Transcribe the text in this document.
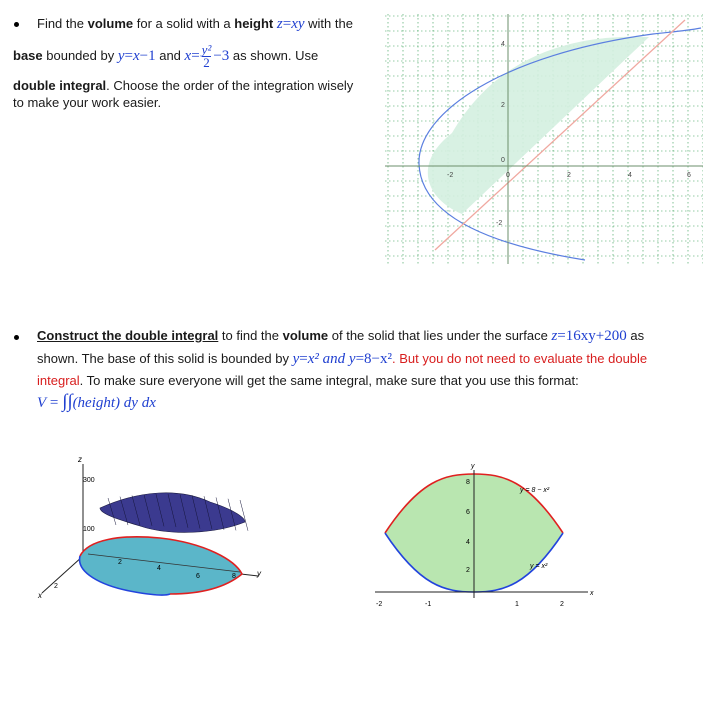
Find the volume for a solid with a height z=xy with the
base bounded by y=x−1 and $x= \frac{\text{y²}}{2} -3$ as shown. Use
double integral. Choose the order of the integration wisely
to make your work easier.
-2	0	2	4	6
4
2
0
-2
Construct the double integral to find the volume of the solid that lies under the surface z=16xy+200 as
shown. The base of this solid is bounded by y=x² and y=8−x². But you do not need to evaluate the double
integral. To make sure everyone will get the same integral, make sure that you use this format:
V = ∫∫(height) dy dx
z
300
100
x
y
2
4
6	8
2
y
x
8
6
4
2
-2	-1	1	2
y = 8 − x²
y = x²
